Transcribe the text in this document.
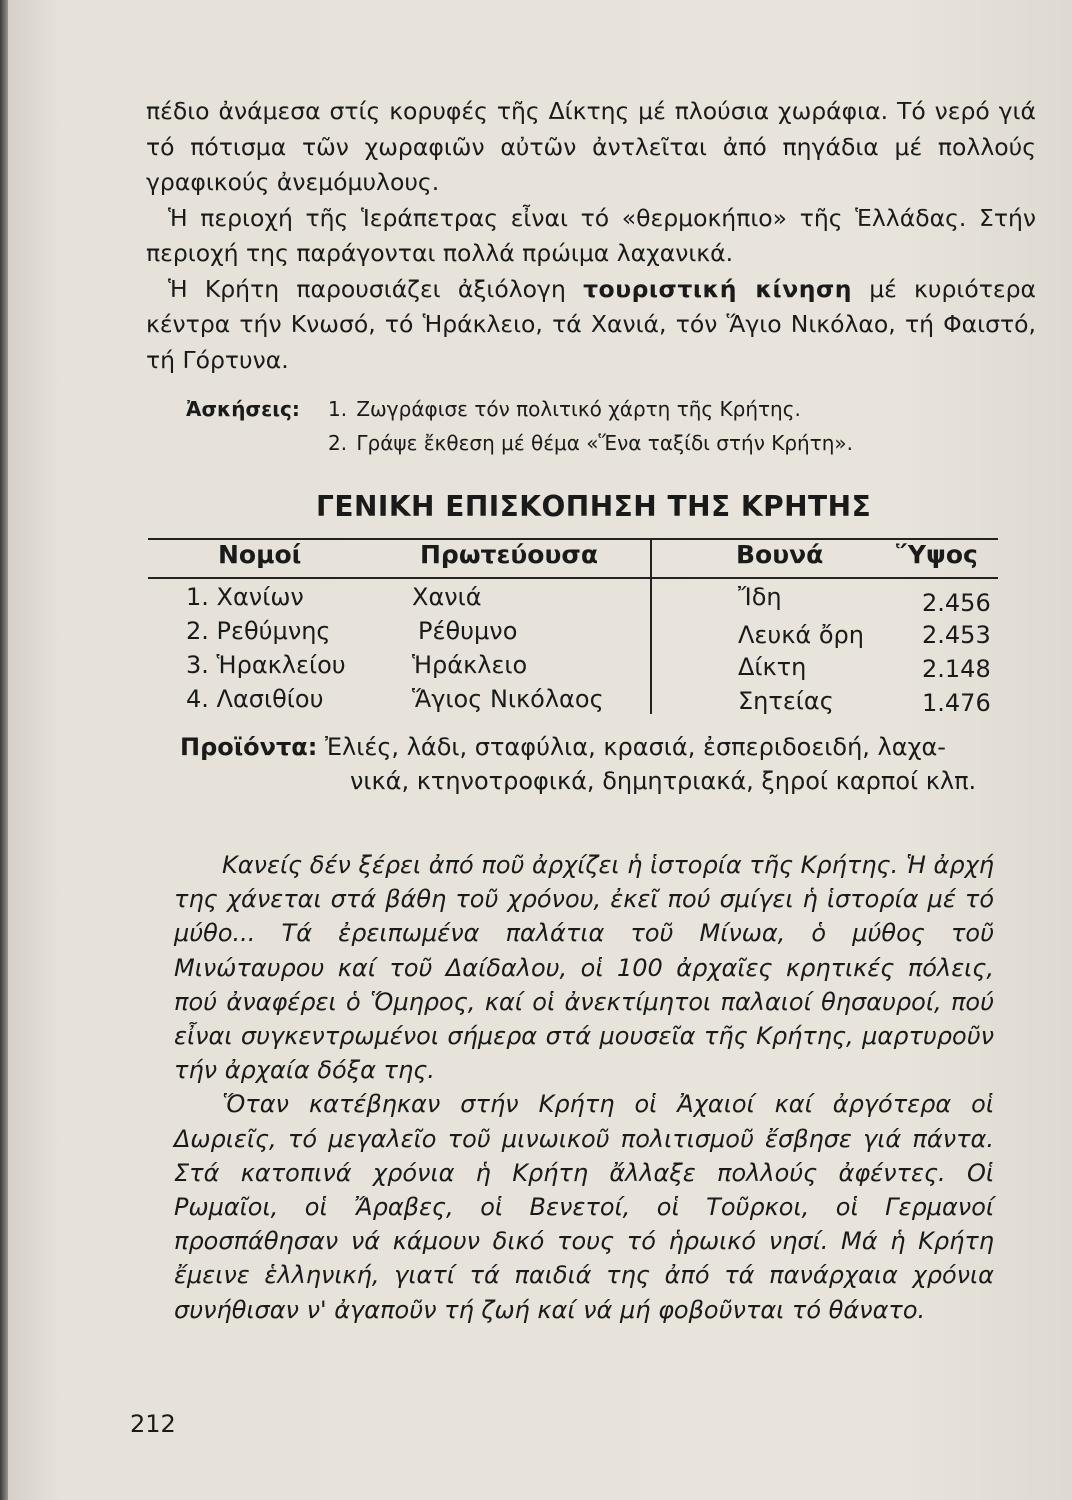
πέδιο ἀνάμεσα στίς κορυφές τῆς Δίκτης μέ πλούσια χωράφια. Τό νερό γιά τό πότισμα τῶν χωραφιῶν αὐτῶν ἀντλεῖται ἀπό πηγάδια μέ πολλούς γραφικούς ἀνεμόμυλους.

Ἡ περιοχή τῆς Ἱεράπετρας εἶναι τό «θερμοκήπιο» τῆς Ἑλλάδας. Στήν περιοχή της παράγονται πολλά πρώιμα λαχανικά.

Ἡ Κρήτη παρουσιάζει ἀξιόλογη τουριστική κίνηση μέ κυριότερα κέντρα τήν Κνωσό, τό Ἡράκλειο, τά Χανιά, τόν Ἅγιο Νικόλαο, τή Φαιστό, τή Γόρτυνα.

Ἀσκήσεις: 1. Ζωγράφισε τόν πολιτικό χάρτη τῆς Κρήτης.
2. Γράψε ἔκθεση μέ θέμα «Ἕνα ταξίδι στήν Κρήτη».
ΓΕΝΙΚΗ ΕΠΙΣΚΟΠΗΣΗ ΤΗΣ ΚΡΗΤΗΣ
Νομοί	Πρωτεύουσα	Βουνά	Ὕψος
1. Χανίων	Χανιά	Ἴδη	2.456
2. Ρεθύμνης	Ρέθυμνο	Λευκά ὄρη 2.453
3. Ἡρακλείου	Ἡράκλειο	Δίκτη	2.148
4. Λασιθίου	Ἅγιος Νικόλαος	Σητείας	1.476
Προϊόντα: Ἐλιές, λάδι, σταφύλια, κρασιά, ἐσπεριδοειδή, λαχα-
νικά, κτηνοτροφικά, δημητριακά, ξηροί καρποί κλπ.

Κανείς δέν ξέρει ἀπό ποῦ ἀρχίζει ἡ ἱστορία τῆς Κρήτης. Ἡ ἀρχή της χάνεται στά βάθη τοῦ χρόνου, ἐκεῖ πού σμίγει ἡ ἱστορία μέ τό μύθο... Τά ἐρειπωμένα παλάτια τοῦ Μίνωα, ὁ μύθος τοῦ Μινώταυρου καί τοῦ Δαίδαλου, οἱ 100 ἀρχαῖες κρητικές πόλεις, πού ἀναφέρει ὁ Ὅμηρος, καί οἱ ἀνεκτίμητοι παλαιοί θησαυροί, πού εἶναι συγκεντρωμένοι σήμερα στά μουσεῖα τῆς Κρήτης, μαρτυροῦν τήν ἀρχαία δόξα της.

Ὅταν κατέβηκαν στήν Κρήτη οἱ Ἀχαιοί καί ἀργότερα οἱ Δωριεῖς, τό μεγαλεῖο τοῦ μινωικοῦ πολιτισμοῦ ἔσβησε γιά πάντα. Στά κατοπινά χρόνια ἡ Κρήτη ἄλλαξε πολλούς ἀφέντες. Οἱ Ρωμαῖοι, οἱ Ἄραβες, οἱ Βενετοί, οἱ Τοῦρκοι, οἱ Γερμανοί προσπάθησαν νά κάμουν δικό τους τό ἡρωικό νησί. Μά ἡ Κρήτη ἔμεινε ἑλληνική, γιατί τά παιδιά της ἀπό τά πανάρχαια χρόνια συνήθισαν ν' ἀγαποῦν τή ζωή καί νά μή φοβοῦνται τό θάνατο.

212
